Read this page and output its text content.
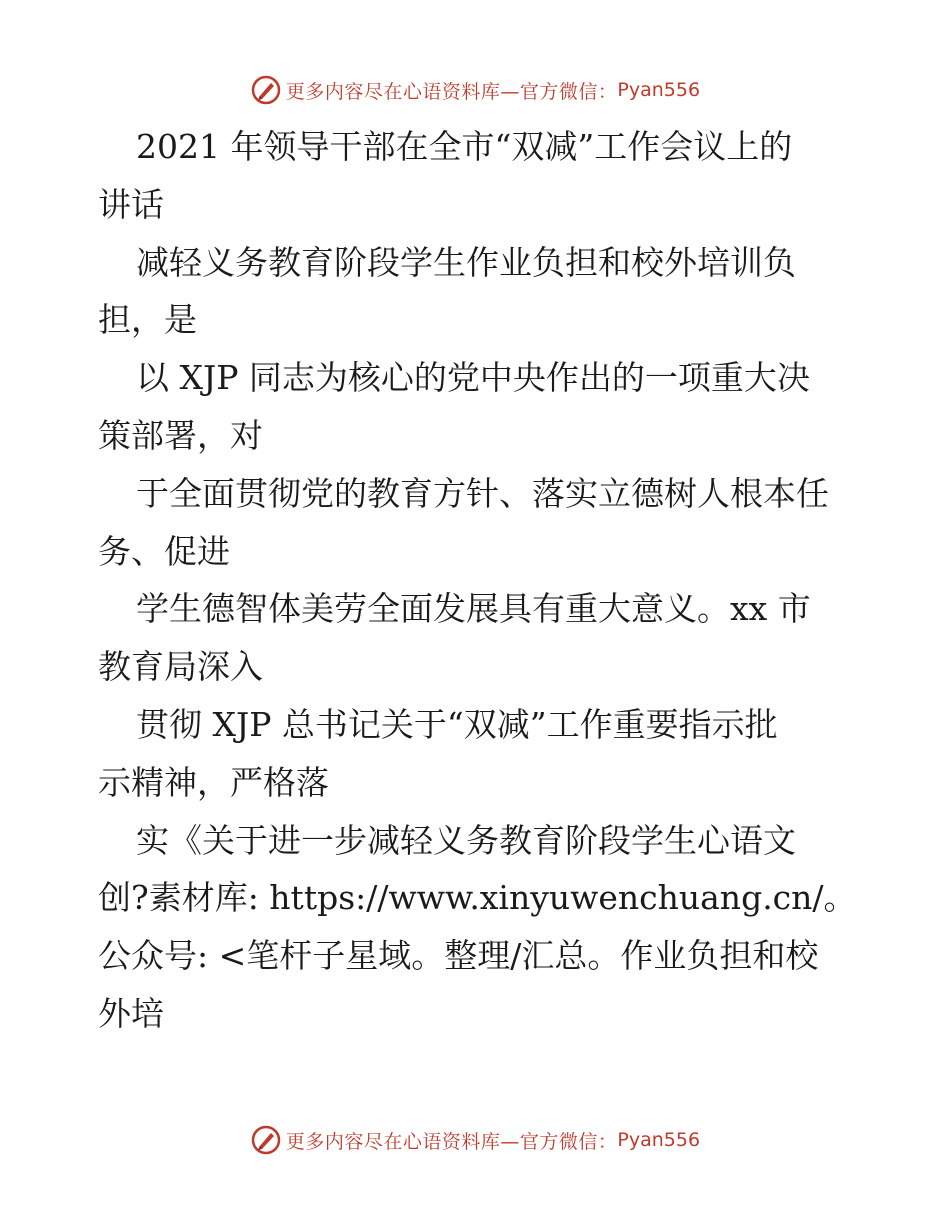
更多内容尽在心语资料库—官方微信： Pyan556
2021 年领导干部在全市“双减”工作会议上的
讲话
减轻义务教育阶段学生作业负担和校外培训负
担，是
以 XJP 同志为核心的党中央作出的一项重大决
策部署，对
于全面贯彻党的教育方针、落实立德树人根本任
务、促进
学生德智体美劳全面发展具有重大意义。xx 市
教育局深入
贯彻 XJP 总书记关于“双减”工作重要指示批
示精神，严格落
实《关于进一步减轻义务教育阶段学生心语文
创?素材库: https://www.xinyuwenchuang.cn/。
公众号: <笔杆子星域。整理/汇总。作业负担和校
外培
更多内容尽在心语资料库—官方微信： Pyan556
